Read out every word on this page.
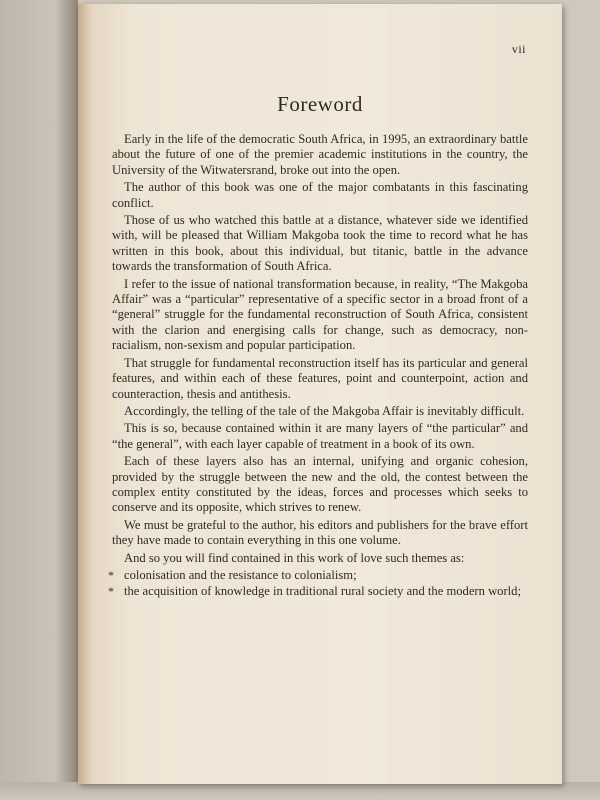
vii
Foreword

Early in the life of the democratic South Africa, in 1995, an extraordinary battle about the future of one of the premier academic institutions in the country, the University of the Witwatersrand, broke out into the open.

The author of this book was one of the major combatants in this fascinating conflict.

Those of us who watched this battle at a distance, whatever side we identified with, will be pleased that William Makgoba took the time to record what he has written in this book, about this individual, but titanic, battle in the advance towards the transformation of South Africa.

I refer to the issue of national transformation because, in reality, “The Makgoba Affair” was a “particular” representative of a specific sector in a broad front of a “general” struggle for the fundamental reconstruction of South Africa, consistent with the clarion and energising calls for change, such as democracy, non-racialism, non-sexism and popular participation.

That struggle for fundamental reconstruction itself has its particular and general features, and within each of these features, point and counterpoint, action and counteraction, thesis and antithesis.

Accordingly, the telling of the tale of the Makgoba Affair is inevitably difficult.

This is so, because contained within it are many layers of “the particular” and “the general”, with each layer capable of treatment in a book of its own.

Each of these layers also has an internal, unifying and organic cohesion, provided by the struggle between the new and the old, the contest between the complex entity constituted by the ideas, forces and processes which seeks to conserve and its opposite, which strives to renew.

We must be grateful to the author, his editors and publishers for the brave effort they have made to contain everything in this one volume.

And so you will find contained in this work of love such themes as:

* colonisation and the resistance to colonialism;
* the acquisition of knowledge in traditional rural society and the modern world;
